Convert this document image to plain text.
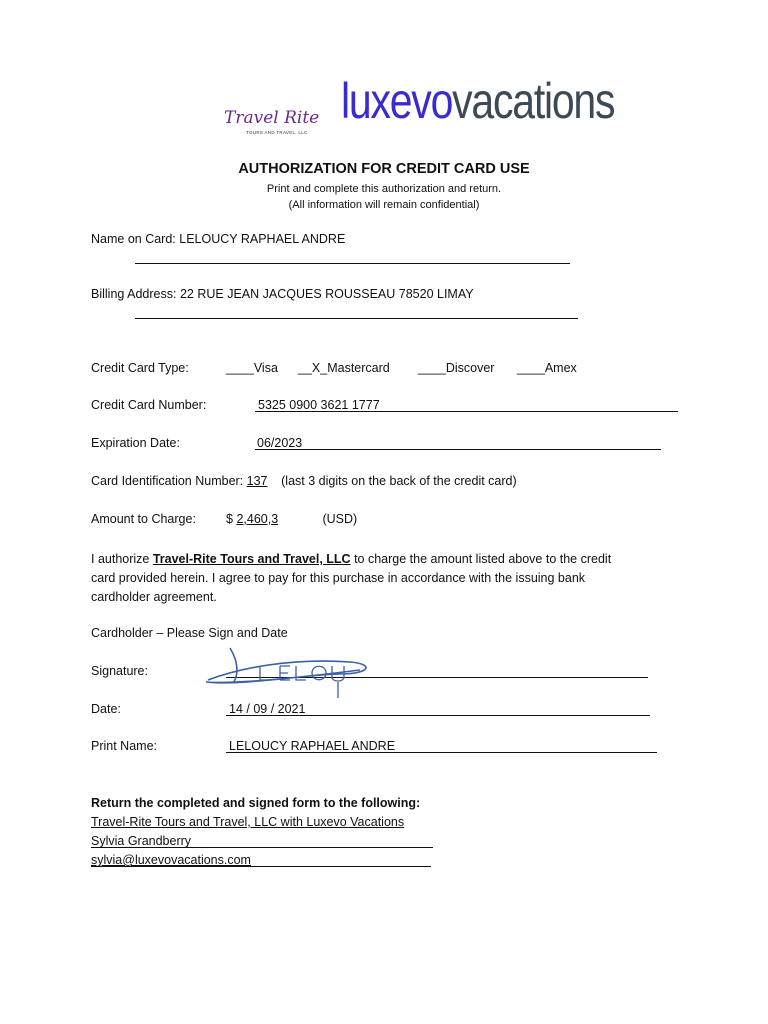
Travel Rite
TOURS AND TRAVEL, LLC
luxevovacations
AUTHORIZATION FOR CREDIT CARD USE
Print and complete this authorization and return.
(All information will remain confidential)
Name on Card: LELOUCY RAPHAEL ANDRE
Billing Address: 22 RUE JEAN JACQUES ROUSSEAU 78520 LIMAY
Credit Card Type:	____Visa __X_Mastercard ____Discover ____Amex
Credit Card Number:	5325 0900 3621 1777
Expiration Date:	06/2023
Card Identification Number: 137 (last 3 digits on the back of the credit card)
Amount to Charge: $ 2,460,3	(USD)
I authorize Travel-Rite Tours and Travel, LLC to charge the amount listed above to the credit
card provided herein. I agree to pay for this purchase in accordance with the issuing bank
cardholder agreement.
Cardholder – Please Sign and Date
Signature:
Date:	14 / 09 / 2021
Print Name:	LELOUCY RAPHAEL ANDRE
Return the completed and signed form to the following:
Travel-Rite Tours and Travel, LLC with Luxevo Vacations
Sylvia Grandberry
sylvia@luxevovacations.com
